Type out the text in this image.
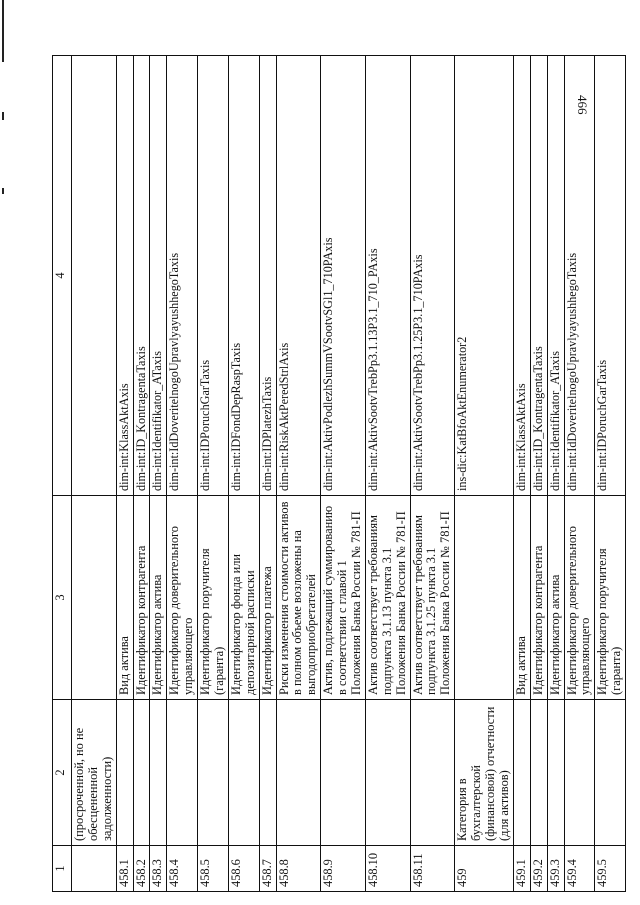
466
1	2	3	4
	(просроченной, но не обесцененной задолженности)		
458.1		Вид актива	dim-int:KlassAktAxis
458.2		Идентификатор контрагента	dim-int:ID_KontragentaTaxis
458.3		Идентификатор актива	dim-int:Identifikator_ATaxis
458.4		Идентификатор доверительного управляющего	dim-int:IdDoveritelnogoUpravlyayushhegoTaxis
458.5		Идентификатор поручителя (гаранта)	dim-int:IDPoruchGarTaxis
458.6		Идентификатор фонда или депозитарной расписки	dim-int:IDFondDepRaspTaxis
458.7		Идентификатор платежа	dim-int:IDPlatezhTaxis
458.8		Риски изменения стоимости активов в полном объеме возложены на выгодоприобретателей	dim-int:RiskAktPeredStrlAxis
458.9		Актив, подлежащий суммированию в соответствии с главой 1 Положения Банка России № 781-П	dim-int:AktivPodlezhSummVSootvSGl1_710PAxis
458.10		Актив соответствует требованиям подпункта 3.1.13 пункта 3.1 Положения Банка России № 781-П	dim-int:AktivSootvTrebPp3.1.13P3.1_710_PAxis
458.11		Актив соответствует требованиям подпункта 3.1.25 пункта 3.1 Положения Банка России № 781-П	dim-int:AktivSootvTrebPp3.1.25P3.1_710PAxis
459	Категория в бухгалтерской (финансовой) отчетности (для активов)		ins-dic:KatBfoAktEnumerator2
459.1		Вид актива	dim-int:KlassAktAxis
459.2		Идентификатор контрагента	dim-int:ID_KontragentaTaxis
459.3		Идентификатор актива	dim-int:Identifikator_ATaxis
459.4		Идентификатор доверительного управляющего	dim-int:IdDoveritelnogoUpravlyayushhegoTaxis
459.5		Идентификатор поручителя (гаранта)	dim-int:IDPoruchGarTaxis
